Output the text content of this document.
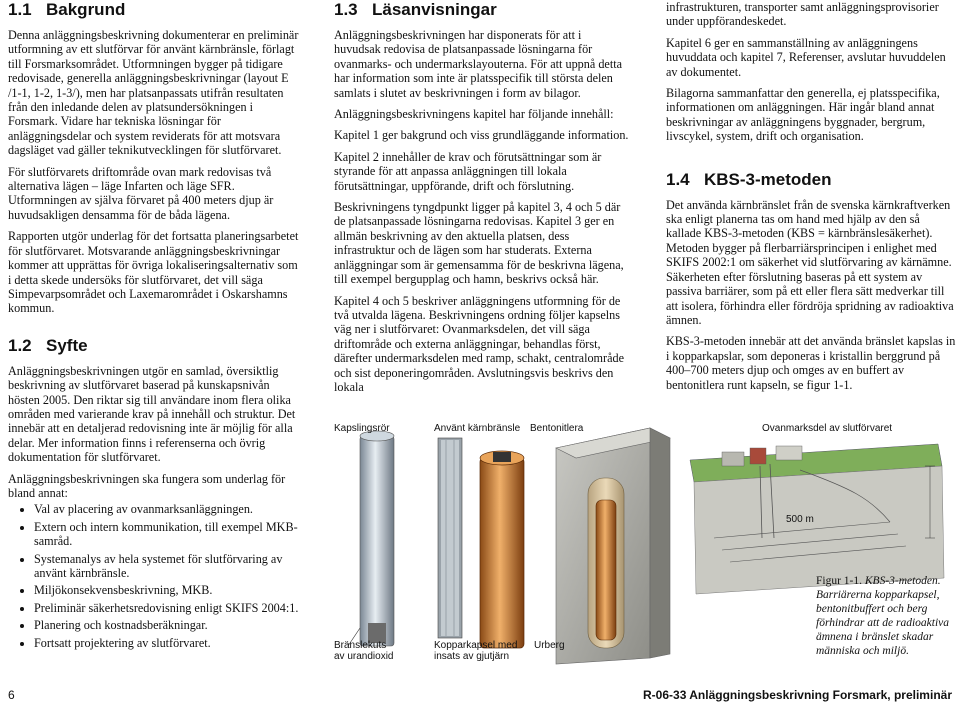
1.1 Bakgrund

Denna anläggningsbeskrivning dokumenterar en preliminär utformning av ett slutförvar för använt kärnbränsle, förlagt till Forsmarksområdet. Utformningen bygger på tidigare redovisade, generella anläggningsbeskrivningar (layout E /1-1, 1-2, 1-3/), men har platsanpassats utifrån resultaten från den inledande delen av platsundersökningen i Forsmark. Vidare har tekniska lösningar för anläggningsdelar och system reviderats för att motsvara dagsläget vad gäller teknikutvecklingen för slutförvaret.

För slutförvarets driftområde ovan mark redovisas två alternativa lägen – läge Infarten och läge SFR. Utformningen av själva förvaret på 400 meters djup är huvudsakligen densamma för de båda lägena.

Rapporten utgör underlag för det fortsatta planeringsarbetet för slutförvaret. Motsvarande anläggningsbeskrivningar kommer att upprättas för övriga lokaliseringsalternativ som i detta skede undersöks för slutförvaret, det vill säga Simpevarpsområdet och Laxemarområdet i Oskarshamns kommun.

1.2 Syfte

Anläggningsbeskrivningen utgör en samlad, översiktlig beskrivning av slutförvaret baserad på kunskapsnivån hösten 2005. Den riktar sig till användare inom flera olika områden med varierande krav på innehåll och struktur. Det innebär att en detaljerad redovisning inte är möjlig för alla delar. Mer information finns i referenserna och övrig dokumentation för slutförvaret.

Anläggningsbeskrivningen ska fungera som underlag för bland annat:

• Val av placering av ovanmarksanläggningen.
• Extern och intern kommunikation, till exempel MKB-samråd.
• Systemanalys av hela systemet för slutförvaring av använt kärnbränsle.
• Miljökonsekvensbeskrivning, MKB.
• Preliminär säkerhetsredovisning enligt SKIFS 2004:1.
• Planering och kostnadsberäkningar.
• Fortsatt projektering av slutförvaret.
1.3 Läsanvisningar

Anläggningsbeskrivningen har disponerats för att i huvudsak redovisa de platsanpassade lösningarna för ovanmarks- och undermarkslayouterna. För att uppnå detta har information som inte är platsspecifik till största delen samlats i slutet av beskrivningen i form av bilagor.

Anläggningsbeskrivningens kapitel har följande innehåll:

Kapitel 1 ger bakgrund och viss grundläggande information.

Kapitel 2 innehåller de krav och förutsättningar som är styrande för att anpassa anläggningen till lokala förutsättningar, uppförande, drift och förslutning.

Beskrivningens tyngdpunkt ligger på kapitel 3, 4 och 5 där de platsanpassade lösningarna redovisas. Kapitel 3 ger en allmän beskrivning av den aktuella platsen, dess infrastruktur och de lägen som har studerats. Externa anläggningar som är gemensamma för de beskrivna lägena, till exempel bergupplag och hamn, beskrivs också här.

Kapitel 4 och 5 beskriver anläggningens utformning för de två utvalda lägena. Beskrivningens ordning följer kapselns väg ner i slutförvaret: Ovanmarksdelen, det vill säga driftområde och externa anläggningar, behandlas först, därefter undermarksdelen med ramp, schakt, centralområde och sist deponeringområden. Avslutningsvis beskrivs den lokala

infrastrukturen, transporter samt anläggningsprovisorier under uppförandeskedet.

Kapitel 6 ger en sammanställning av anläggningens huvuddata och kapitel 7, Referenser, avslutar huvuddelen av dokumentet.

Bilagorna sammanfattar den generella, ej platsspecifika, informationen om anläggningen. Här ingår bland annat beskrivningar av anläggningens byggnader, bergrum, livscykel, system, drift och organisation.

1.4 KBS-3-metoden

Det använda kärnbränslet från de svenska kärnkraftverken ska enligt planerna tas om hand med hjälp av den så kallade KBS-3-metoden (KBS = kärnbränslesäkerhet). Metoden bygger på flerbarriärsprincipen i enlighet med SKIFS 2002:1 om säkerhet vid slutförvaring av kärnämne. Säkerheten efter förslutning baseras på ett system av passiva barriärer, som på ett eller flera sätt medverkar till att isolera, förhindra eller fördröja spridning av radioaktiva ämnen.

KBS-3-metoden innebär att det använda bränslet kapslas in i kopparkapslar, som deponeras i kristallin berggrund på 400–700 meters djup och omges av en buffert av bentonitlera runt kapseln, se figur 1-1.

Kapslingsrör	Använt kärnbränsle Bentonitlera	Ovanmarksdel av slutförvaret
500 m
Bränslekuts
av urandioxid
Kopparkapsel med
insats av gjutjärn
Urberg
Figur 1-1. KBS-3-metoden. Barriärerna kopparkapsel, bentonitbuffert och berg förhindrar att de radioaktiva ämnena i bränslet skadar människa och miljö.
6	R-06-33 Anläggningsbeskrivning Forsmark, preliminär
